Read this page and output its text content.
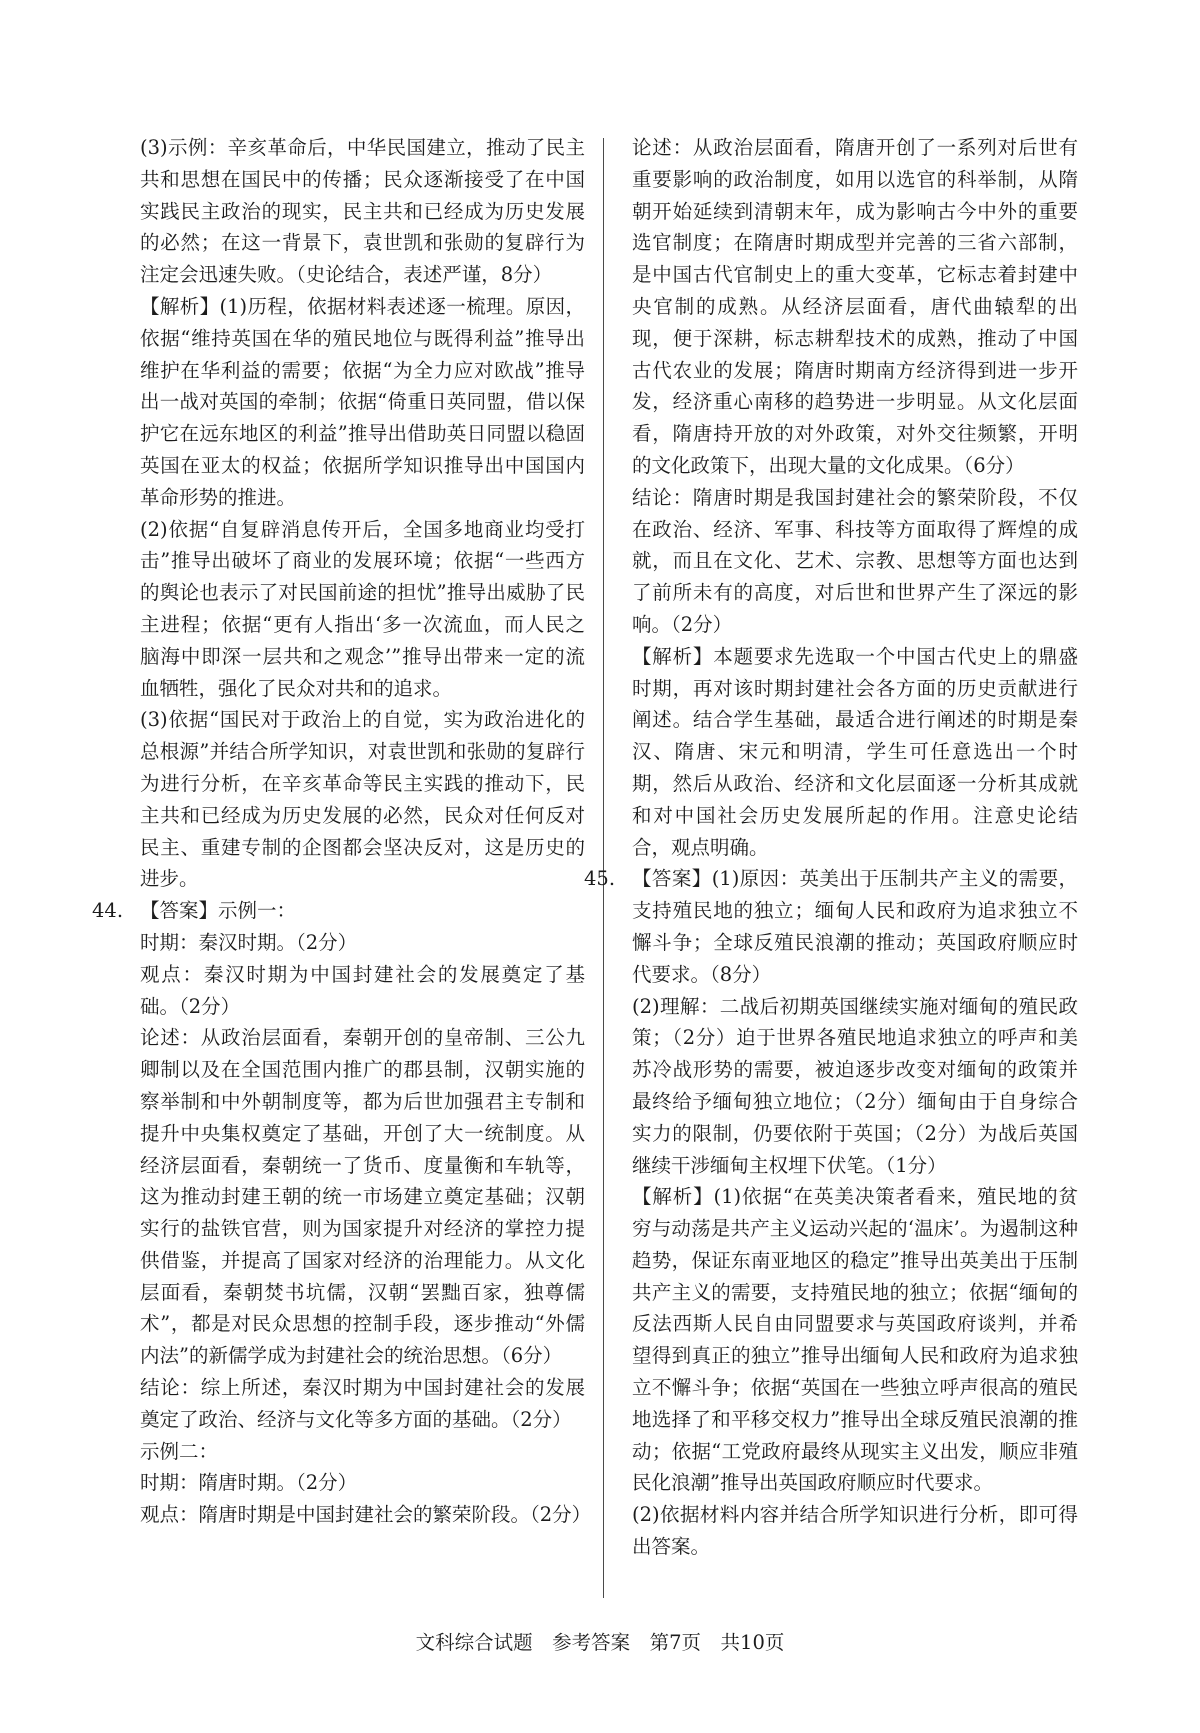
(3)示例：辛亥革命后，中华民国建立，推动了民主共和思想在国民中的传播；民众逐渐接受了在中国实践民主政治的现实，民主共和已经成为历史发展的必然；在这一背景下，袁世凯和张勋的复辟行为注定会迅速失败。（史论结合，表述严谨，8分）

【解析】(1)历程，依据材料表述逐一梳理。原因，依据“维持英国在华的殖民地位与既得利益”推导出维护在华利益的需要；依据“为全力应对欧战”推导出一战对英国的牵制；依据“倚重日英同盟，借以保护它在远东地区的利益”推导出借助英日同盟以稳固英国在亚太的权益；依据所学知识推导出中国国内革命形势的推进。

(2)依据“自复辟消息传开后，全国多地商业均受打击”推导出破坏了商业的发展环境；依据“一些西方的舆论也表示了对民国前途的担忧”推导出威胁了民主进程；依据“更有人指出‘多一次流血，而人民之脑海中即深一层共和之观念’”推导出带来一定的流血牺牲，强化了民众对共和的追求。

(3)依据“国民对于政治上的自觉，实为政治进化的总根源”并结合所学知识，对袁世凯和张勋的复辟行为进行分析，在辛亥革命等民主实践的推动下，民主共和已经成为历史发展的必然，民众对任何反对民主、重建专制的企图都会坚决反对，这是历史的进步。

44. 【答案】示例一：

时期：秦汉时期。（2分）

观点：秦汉时期为中国封建社会的发展奠定了基础。（2分）

论述：从政治层面看，秦朝开创的皇帝制、三公九卿制以及在全国范围内推广的郡县制，汉朝实施的察举制和中外朝制度等，都为后世加强君主专制和提升中央集权奠定了基础，开创了大一统制度。从经济层面看，秦朝统一了货币、度量衡和车轨等，这为推动封建王朝的统一市场建立奠定基础；汉朝实行的盐铁官营，则为国家提升对经济的掌控力提供借鉴，并提高了国家对经济的治理能力。从文化层面看，秦朝焚书坑儒，汉朝“罢黜百家，独尊儒术”，都是对民众思想的控制手段，逐步推动“外儒内法”的新儒学成为封建社会的统治思想。（6分）

结论：综上所述，秦汉时期为中国封建社会的发展奠定了政治、经济与文化等多方面的基础。（2分）

示例二：

时期：隋唐时期。（2分）

观点：隋唐时期是中国封建社会的繁荣阶段。（2分）

论述：从政治层面看，隋唐开创了一系列对后世有重要影响的政治制度，如用以选官的科举制，从隋朝开始延续到清朝末年，成为影响古今中外的重要选官制度；在隋唐时期成型并完善的三省六部制，是中国古代官制史上的重大变革，它标志着封建中央官制的成熟。从经济层面看，唐代曲辕犁的出现，便于深耕，标志耕犁技术的成熟，推动了中国古代农业的发展；隋唐时期南方经济得到进一步开发，经济重心南移的趋势进一步明显。从文化层面看，隋唐持开放的对外政策，对外交往频繁，开明的文化政策下，出现大量的文化成果。（6分）

结论：隋唐时期是我国封建社会的繁荣阶段，不仅在政治、经济、军事、科技等方面取得了辉煌的成就，而且在文化、艺术、宗教、思想等方面也达到了前所未有的高度，对后世和世界产生了深远的影响。（2分）

【解析】本题要求先选取一个中国古代史上的鼎盛时期，再对该时期封建社会各方面的历史贡献进行阐述。结合学生基础，最适合进行阐述的时期是秦汉、隋唐、宋元和明清，学生可任意选出一个时期，然后从政治、经济和文化层面逐一分析其成就和对中国社会历史发展所起的作用。注意史论结合，观点明确。

45. 【答案】(1)原因：英美出于压制共产主义的需要，支持殖民地的独立；缅甸人民和政府为追求独立不懈斗争；全球反殖民浪潮的推动；英国政府顺应时代要求。（8分）

(2)理解：二战后初期英国继续实施对缅甸的殖民政策；（2分）迫于世界各殖民地追求独立的呼声和美苏冷战形势的需要，被迫逐步改变对缅甸的政策并最终给予缅甸独立地位；（2分）缅甸由于自身综合实力的限制，仍要依附于英国；（2分）为战后英国继续干涉缅甸主权埋下伏笔。（1分）

【解析】(1)依据“在英美决策者看来，殖民地的贫穷与动荡是共产主义运动兴起的‘温床’。为遏制这种趋势，保证东南亚地区的稳定”推导出英美出于压制共产主义的需要，支持殖民地的独立；依据“缅甸的反法西斯人民自由同盟要求与英国政府谈判，并希望得到真正的独立”推导出缅甸人民和政府为追求独立不懈斗争；依据“英国在一些独立呼声很高的殖民地选择了和平移交权力”推导出全球反殖民浪潮的推动；依据“工党政府最终从现实主义出发，顺应非殖民化浪潮”推导出英国政府顺应时代要求。

(2)依据材料内容并结合所学知识进行分析，即可得出答案。

文科综合试题　参考答案　第7页　共10页
